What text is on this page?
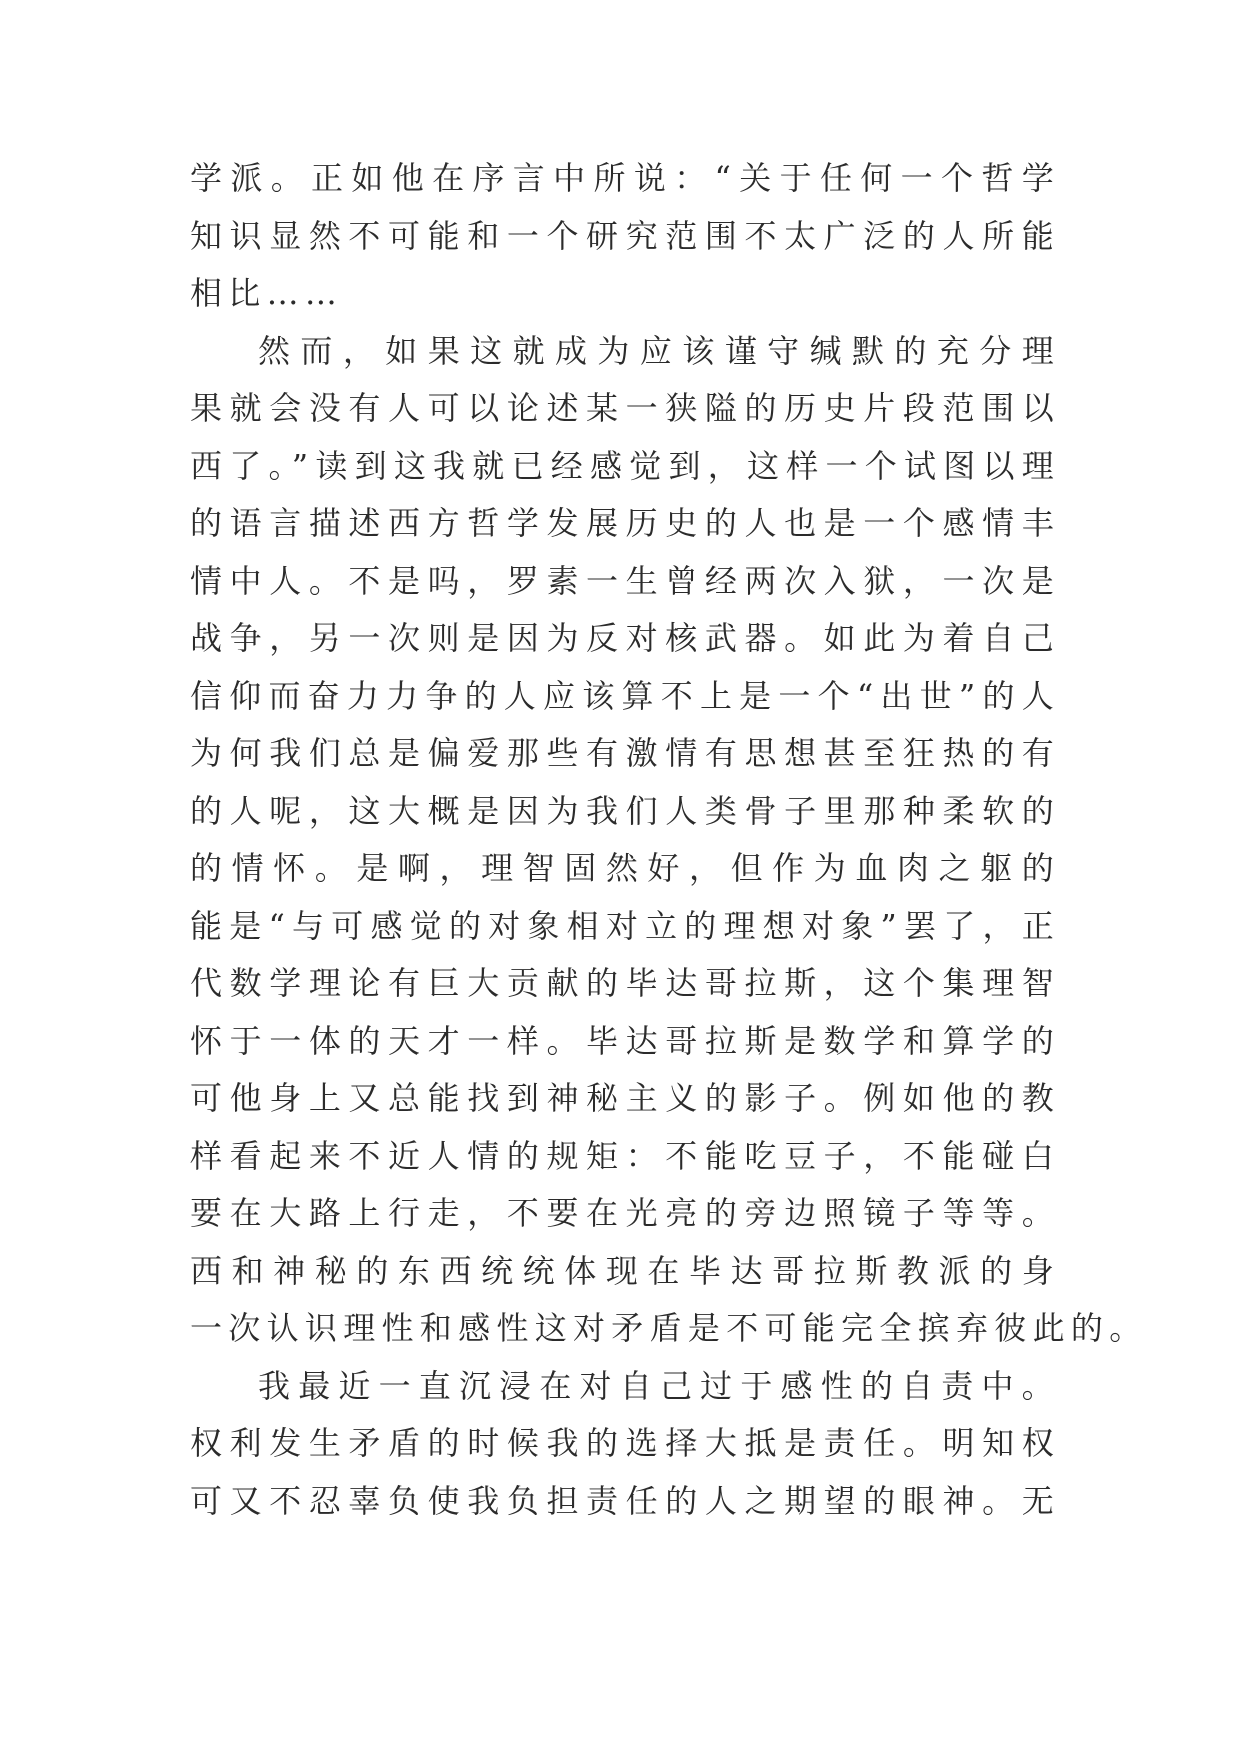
学派。正如他在序言中所说：“关于任何一个哲学
知识显然不可能和一个研究范围不太广泛的人所能
相比……
然而，如果这就成为应该谨守缄默的充分理
果就会没有人可以论述某一狭隘的历史片段范围以
西了。”读到这我就已经感觉到，这样一个试图以理
的语言描述西方哲学发展历史的人也是一个感情丰
情中人。不是吗，罗素一生曾经两次入狱，一次是
战争，另一次则是因为反对核武器。如此为着自己
信仰而奋力力争的人应该算不上是一个“出世”的人
为何我们总是偏爱那些有激情有思想甚至狂热的有
的人呢，这大概是因为我们人类骨子里那种柔软的
的情怀。是啊，理智固然好，但作为血肉之躯的
能是“与可感觉的对象相对立的理想对象”罢了，正
代数学理论有巨大贡献的毕达哥拉斯，这个集理智
怀于一体的天才一样。毕达哥拉斯是数学和算学的
可他身上又总能找到神秘主义的影子。例如他的教
样看起来不近人情的规矩：不能吃豆子，不能碰白
要在大路上行走，不要在光亮的旁边照镜子等等。
西和神秘的东西统统体现在毕达哥拉斯教派的身
一次认识理性和感性这对矛盾是不可能完全摈弃彼此的。
我最近一直沉浸在对自己过于感性的自责中。
权利发生矛盾的时候我的选择大抵是责任。明知权
可又不忍辜负使我负担责任的人之期望的眼神。无
